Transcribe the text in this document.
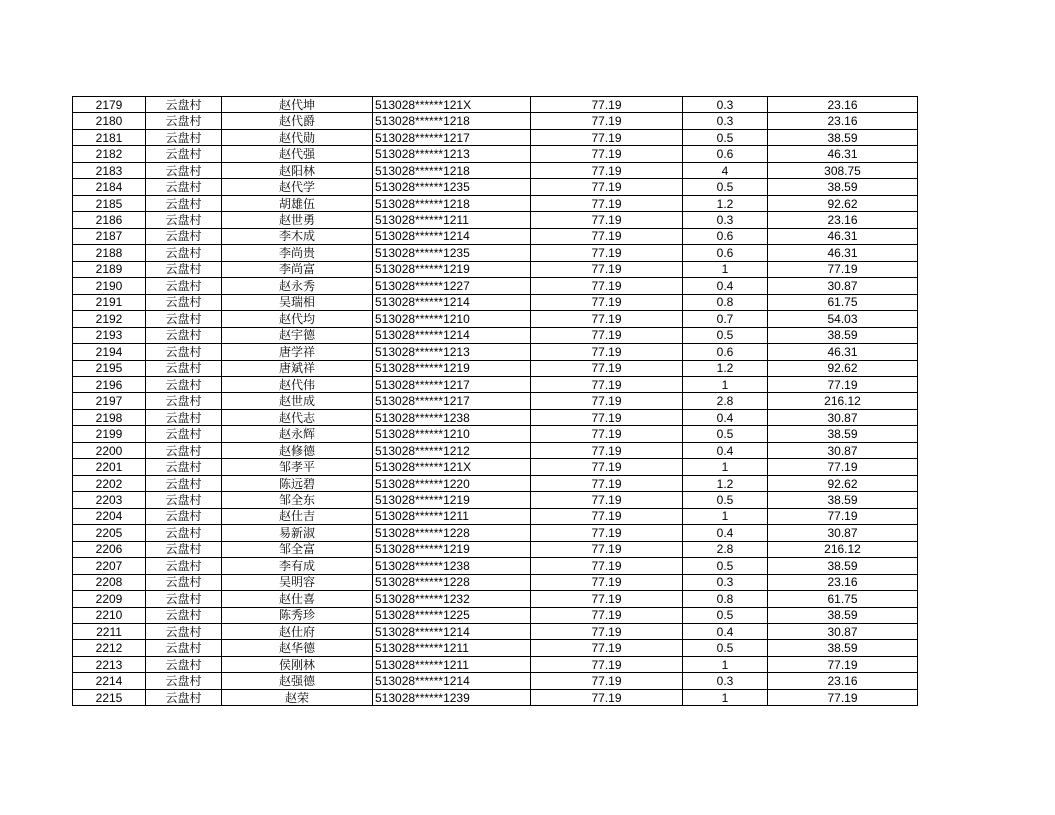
2179	云盘村	赵代坤	513028******121X	77.19	0.3	23.16
2180	云盘村	赵代爵	513028******1218	77.19	0.3	23.16
2181	云盘村	赵代勋	513028******1217	77.19	0.5	38.59
2182	云盘村	赵代强	513028******1213	77.19	0.6	46.31
2183	云盘村	赵阳林	513028******1218	77.19	4	308.75
2184	云盘村	赵代学	513028******1235	77.19	0.5	38.59
2185	云盘村	胡雄伍	513028******1218	77.19	1.2	92.62
2186	云盘村	赵世勇	513028******1211	77.19	0.3	23.16
2187	云盘村	李木成	513028******1214	77.19	0.6	46.31
2188	云盘村	李尚贵	513028******1235	77.19	0.6	46.31
2189	云盘村	李尚富	513028******1219	77.19	1	77.19
2190	云盘村	赵永秀	513028******1227	77.19	0.4	30.87
2191	云盘村	吴瑞相	513028******1214	77.19	0.8	61.75
2192	云盘村	赵代均	513028******1210	77.19	0.7	54.03
2193	云盘村	赵宇德	513028******1214	77.19	0.5	38.59
2194	云盘村	唐学祥	513028******1213	77.19	0.6	46.31
2195	云盘村	唐斌祥	513028******1219	77.19	1.2	92.62
2196	云盘村	赵代伟	513028******1217	77.19	1	77.19
2197	云盘村	赵世成	513028******1217	77.19	2.8	216.12
2198	云盘村	赵代志	513028******1238	77.19	0.4	30.87
2199	云盘村	赵永辉	513028******1210	77.19	0.5	38.59
2200	云盘村	赵修德	513028******1212	77.19	0.4	30.87
2201	云盘村	邹孝平	513028******121X	77.19	1	77.19
2202	云盘村	陈远碧	513028******1220	77.19	1.2	92.62
2203	云盘村	邹全东	513028******1219	77.19	0.5	38.59
2204	云盘村	赵仕吉	513028******1211	77.19	1	77.19
2205	云盘村	易新淑	513028******1228	77.19	0.4	30.87
2206	云盘村	邹全富	513028******1219	77.19	2.8	216.12
2207	云盘村	李有成	513028******1238	77.19	0.5	38.59
2208	云盘村	吴明容	513028******1228	77.19	0.3	23.16
2209	云盘村	赵仕喜	513028******1232	77.19	0.8	61.75
2210	云盘村	陈秀珍	513028******1225	77.19	0.5	38.59
2211	云盘村	赵仕府	513028******1214	77.19	0.4	30.87
2212	云盘村	赵华德	513028******1211	77.19	0.5	38.59
2213	云盘村	侯刚林	513028******1211	77.19	1	77.19
2214	云盘村	赵强德	513028******1214	77.19	0.3	23.16
2215	云盘村	赵荣	513028******1239	77.19	1	77.19
